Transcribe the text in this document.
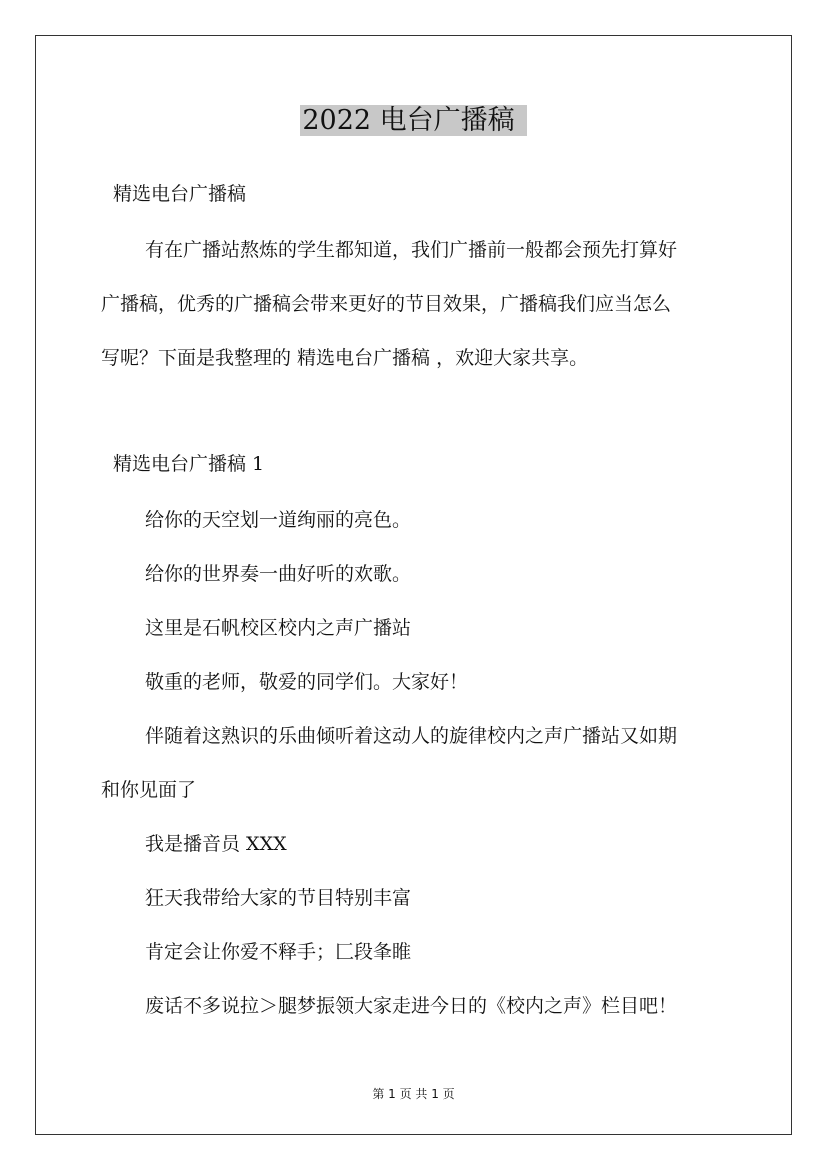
2022 电台广播稿
精选电台广播稿
有在广播站熬炼的学生都知道，我们广播前一般都会预先打算好
广播稿，优秀的广播稿会带来更好的节目效果，广播稿我们应当怎么
写呢？下面是我整理的 精选电台广播稿 ，欢迎大家共享。
精选电台广播稿 1
给你的天空划一道绚丽的亮色。
给你的世界奏一曲好听的欢歌。
这里是石帆校区校内之声广播站
敬重的老师，敬爱的同学们。大家好！
伴随着这熟识的乐曲倾听着这动人的旋律校内之声广播站又如期
和你见面了
我是播音员 XXX
狂天我带给大家的节目特别丰富
肯定会让你爱不释手；匚段夆睢
废话不多说拉＞腿梦振领大家走进今日的《校内之声》栏目吧！
第 1 页 共 1 页
